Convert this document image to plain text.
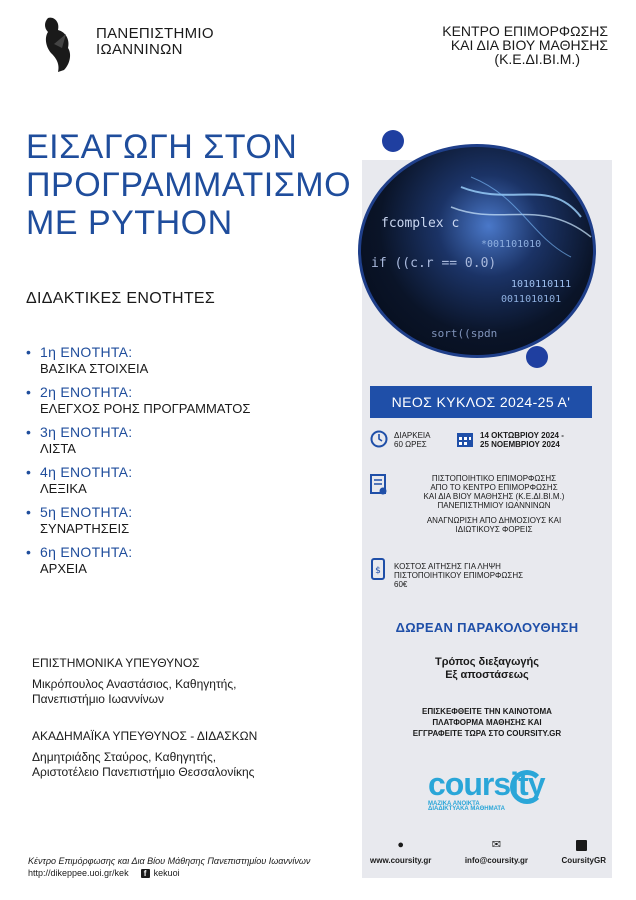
ΠΑΝΕΠΙΣΤΗΜΙΟ
ΙΩΑΝΝΙΝΩΝ
ΚΕΝΤΡΟ ΕΠΙΜΟΡΦΩΣΗΣ
ΚΑΙ ΔΙΑ ΒΙΟΥ ΜΑΘΗΣΗΣ
(Κ.Ε.ΔΙ.ΒΙ.Μ.)
ΕΙΣΑΓΩΓΗ ΣΤΟΝ
ΠΡΟΓΡΑΜΜΑΤΙΣΜΟ
ΜΕ PYTHON
ΔΙΔΑΚΤΙΚΕΣ ΕΝΟΤΗΤΕΣ
• 1η ΕΝΟΤΗΤΑ:
ΒΑΣΙΚΑ ΣΤΟΙΧΕΙΑ
• 2η ΕΝΟΤΗΤΑ:
ΕΛΕΓΧΟΣ ΡΟΗΣ ΠΡΟΓΡΑΜΜΑΤΟΣ
• 3η ΕΝΟΤΗΤΑ:
ΛΙΣΤΑ
• 4η ΕΝΟΤΗΤΑ:
ΛΕΞΙΚΑ
• 5η ΕΝΟΤΗΤΑ:
ΣΥΝΑΡΤΗΣΕΙΣ
• 6η ΕΝΟΤΗΤΑ:
ΑΡΧΕΙΑ
ΕΠΙΣΤΗΜΟΝΙΚΑ ΥΠΕΥΘΥΝΟΣ
Μικρόπουλος Αναστάσιος, Καθηγητής,
Πανεπιστήμιο Ιωαννίνων
ΑΚΑΔΗΜΑΪΚΑ ΥΠΕΥΘΥΝΟΣ - ΔΙΔΑΣΚΩΝ
Δημητριάδης Σταύρος, Καθηγητής,
Αριστοτέλειο Πανεπιστήμιο Θεσσαλονίκης
Κέντρο Επιμόρφωσης και Δια Βίου Μάθησης Πανεπιστημίου Ιωαννίνων
http://dikeppee.uoi.gr/kek	f kekuoi
fcomplex c
if ((c.r == 0.0)
1010110111
0011010101
*001101010
sort((spdn
ΝΕΟΣ ΚΥΚΛΟΣ 2024-25 Α'
ΔΙΑΡΚΕΙΑ
60 ΩΡΕΣ
14 ΟΚΤΩΒΡΙΟΥ 2024 -
25 ΝΟΕΜΒΡΙΟΥ 2024
ΠΙΣΤΟΠΟΙΗΤΙΚΟ ΕΠΙΜΟΡΦΩΣΗΣ
ΑΠΟ ΤΟ ΚΕΝΤΡΟ ΕΠΙΜΟΡΦΩΣΗΣ
ΚΑΙ ΔΙΑ ΒΙΟΥ ΜΑΘΗΣΗΣ (Κ.Ε.ΔΙ.ΒΙ.Μ.)
ΠΑΝΕΠΙΣΤΗΜΙΟΥ ΙΩΑΝΝΙΝΩΝ
ΑΝΑΓΝΩΡΙΣΗ ΑΠΟ ΔΗΜΟΣΙΟΥΣ ΚΑΙ
ΙΔΙΩΤΙΚΟΥΣ ΦΟΡΕΙΣ
$ ΚΟΣΤΟΣ ΑΙΤΗΣΗΣ ΓΙΑ ΛΗΨΗ
ΠΙΣΤΟΠΟΙΗΤΙΚΟΥ ΕΠΙΜΟΡΦΩΣΗΣ
60€
ΔΩΡΕΑΝ ΠΑΡΑΚΟΛΟΥΘΗΣΗ
Τρόπος διεξαγωγής
Εξ αποστάσεως
ΕΠΙΣΚΕΦΘΕΙΤΕ ΤΗΝ ΚΑΙΝΟΤΟΜΑ
ΠΛΑΤΦΟΡΜΑ ΜΑΘΗΣΗΣ ΚΑΙ
ΕΓΓΡΑΦΕΙΤΕ ΤΩΡΑ ΣΤΟ COURSITY.GR
coursity
ΜΑΖΙΚΑ ΑΝΟΙΚΤΑ
ΔΙΑΔΙΚΤΥΑΚΑ ΜΑΘΗΜΑΤΑ
●
www.coursity.gr
✉
info@coursity.gr
f
CoursityGR
